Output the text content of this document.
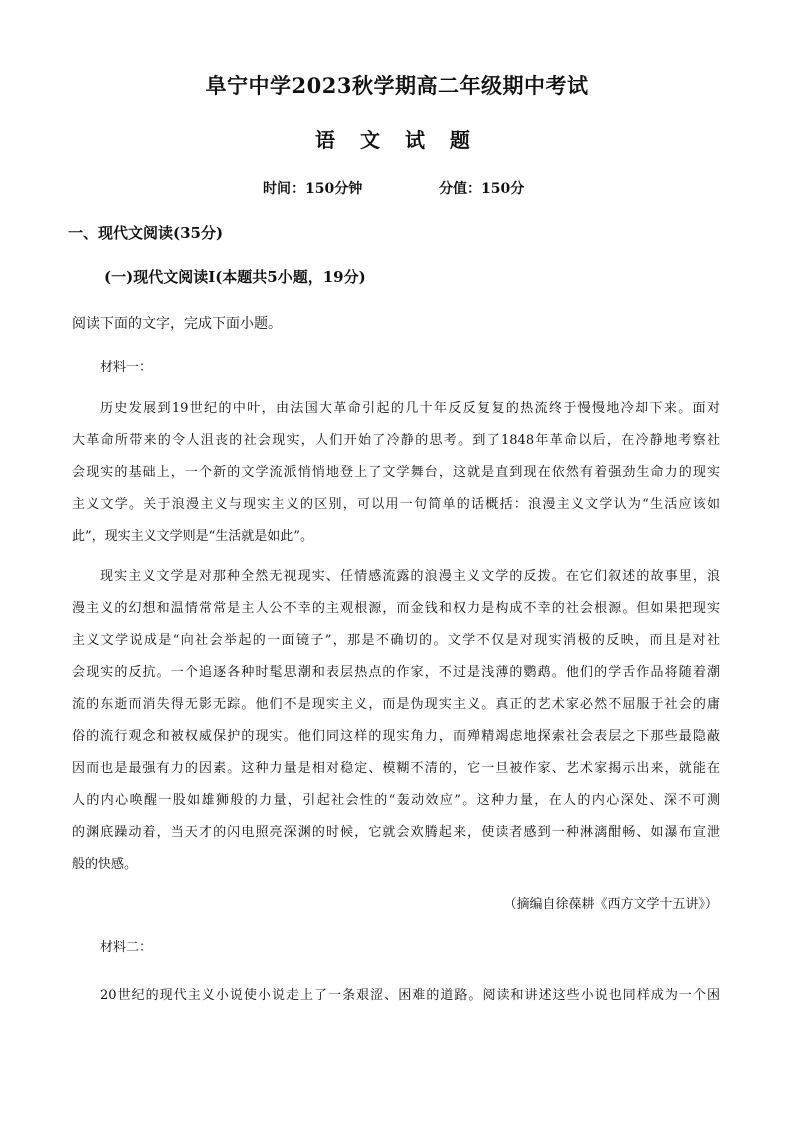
阜宁中学2023秋学期高二年级期中考试
语 文 试 题
时间：150分钟	分值：150分
一、现代文阅读(35分)
(一)现代文阅读Ⅰ(本题共5小题，19分)
阅读下面的文字，完成下面小题。
材料一：
历史发展到19世纪的中叶，由法国大革命引起的几十年反反复复的热流终于慢慢地冷却下来。面对
大革命所带来的令人沮丧的社会现实，人们开始了冷静的思考。到了1848年革命以后，在冷静地考察社
会现实的基础上，一个新的文学流派悄悄地登上了文学舞台，这就是直到现在依然有着强劲生命力的现实
主义文学。关于浪漫主义与现实主义的区别，可以用一句简单的话概括：浪漫主义文学认为“生活应该如
此”，现实主义文学则是“生活就是如此”。
现实主义文学是对那种全然无视现实、任情感流露的浪漫主义文学的反拨。在它们叙述的故事里，浪
漫主义的幻想和温情常常是主人公不幸的主观根源，而金钱和权力是构成不幸的社会根源。但如果把现实
主义文学说成是“向社会举起的一面镜子”，那是不确切的。文学不仅是对现实消极的反映，而且是对社
会现实的反抗。一个追逐各种时髦思潮和表层热点的作家，不过是浅薄的鹦鹉。他们的学舌作品将随着潮
流的东逝而消失得无影无踪。他们不是现实主义，而是伪现实主义。真正的艺术家必然不屈服于社会的庸
俗的流行观念和被权威保护的现实。他们同这样的现实角力，而殚精竭虑地探索社会表层之下那些最隐蔽
因而也是最强有力的因素。这种力量是相对稳定、模糊不清的，它一旦被作家、艺术家揭示出来，就能在
人的内心唤醒一股如雄狮般的力量，引起社会性的“轰动效应”。这种力量，在人的内心深处、深不可测
的渊底躁动着，当天才的闪电照亮深渊的时候，它就会欢腾起来，使读者感到一种淋漓酣畅、如瀑布宣泄
般的快感。
（摘编自徐葆耕《西方文学十五讲》）
材料二：
20世纪的现代主义小说使小说走上了一条艰涩、困难的道路。阅读和讲述这些小说也同样成为一个困
